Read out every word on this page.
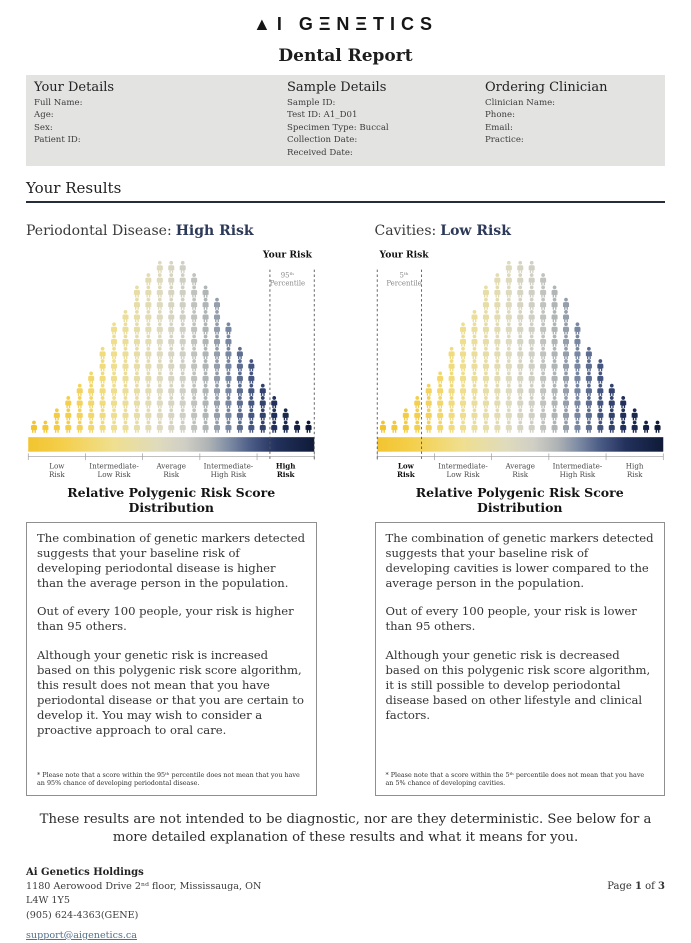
▲I GΞNΞTICS
Dental Report
Your Details
Full Name:
Age:
Sex:
Patient ID:
Sample Details
Sample ID:
Test ID: A1_D01
Specimen Type: Buccal
Collection Date:
Received Date:
Ordering Clinician
Clinician Name:
Phone:
Email:
Practice:
Your Results
Periodontal Disease: High Risk
Low Risk
Intermediate-Low Risk
Average Risk
Intermediate-High Risk
High Risk
Your Risk
95ᵗʰ Percentile
Relative Polygenic Risk Score Distribution

The combination of genetic markers detected suggests that your baseline risk of developing periodontal disease is higher than the average person in the population.

Out of every 100 people, your risk is higher than 95 others.

Although your genetic risk is increased based on this polygenic risk score algorithm, this result does not mean that you have periodontal disease or that you are certain to develop it. You may wish to consider a proactive approach to oral care.

* Please note that a score within the 95ᵗʰ percentile does not mean that you have an 95% chance of developing periodontal disease.

Cavities: Low Risk
Low Risk
Intermediate-Low Risk
Average Risk
Intermediate-High Risk
High Risk
Your Risk
5ᵗʰ Percentile
Relative Polygenic Risk Score Distribution

The combination of genetic markers detected suggests that your baseline risk of developing cavities is lower compared to the average person in the population.

Out of every 100 people, your risk is lower than 95 others.

Although your genetic risk is decreased based on this polygenic risk score algorithm, it is still possible to develop periodontal disease based on other lifestyle and clinical factors.

* Please note that a score within the 5ᵗʰ percentile does not mean that you have an 5% chance of developing cavities.

These results are not intended to be diagnostic, nor are they deterministic. See below for a more detailed explanation of these results and what it means for you.

Ai Genetics Holdings
1180 Aerowood Drive 2ⁿᵈ floor, Mississauga, ON
L4W 1Y5
(905) 624-4363(GENE)
support@aigenetics.ca
Page 1 of 3
